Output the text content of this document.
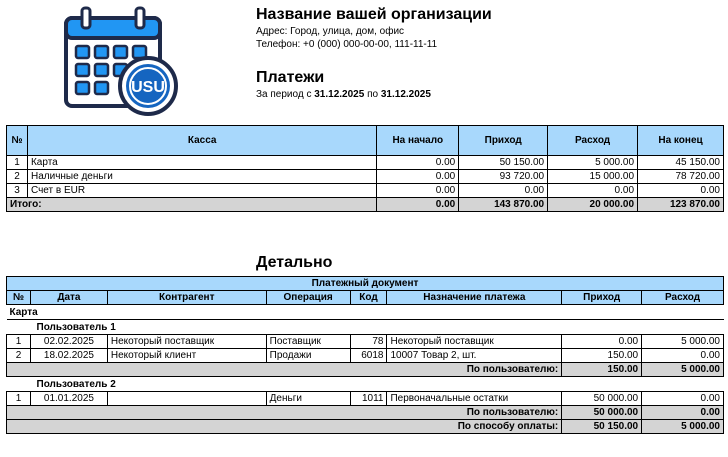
USU
Название вашей организации
Адрес: Город, улица, дом, офис
Телефон: +0 (000) 000-00-00, 111-11-11
Платежи
За период с 31.12.2025 по 31.12.2025
№	Касса	На начало	Приход	Расход	На конец
1	Карта	0.00	50 150.00	5 000.00	45 150.00
2	Наличные деньги	0.00	93 720.00	15 000.00	78 720.00
3	Счет в EUR	0.00	0.00	0.00	0.00
Итого:		0.00	143 870.00	20 000.00	123 870.00
Детально
Платежный документ							
№	Дата	Контрагент	Операция	Код	Назначение платежа	Приход	Расход
Карта							
Пользователь 1							
1	02.02.2025	Некоторый поставщик	Поставщик	78	Некоторый поставщик	0.00	5 000.00
2	18.02.2025	Некоторый клиент	Продажи	6018	10007 Товар 2, шт.	150.00	0.00
По пользователю:						150.00	5 000.00
Пользователь 2							
1	01.01.2025		Деньги	1011	Первоначальные остатки	50 000.00	0.00
По пользователю:						50 000.00	0.00
По способу оплаты:						50 150.00	5 000.00
